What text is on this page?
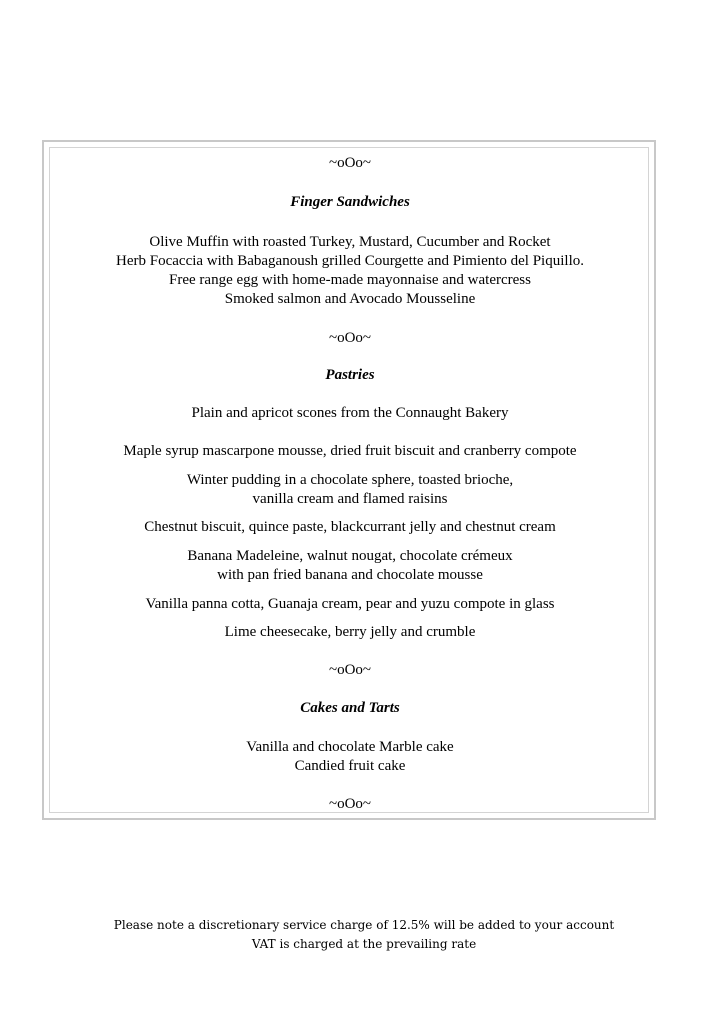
~oOo~
Finger Sandwiches
Olive Muffin with roasted Turkey, Mustard, Cucumber and Rocket
Herb Focaccia with Babaganoush grilled Courgette and Pimiento del Piquillo.
Free range egg with home-made mayonnaise and watercress
Smoked salmon and Avocado Mousseline
~oOo~
Pastries
Plain and apricot scones from the Connaught Bakery
Maple syrup mascarpone mousse, dried fruit biscuit and cranberry compote
Winter pudding in a chocolate sphere, toasted brioche,
vanilla cream and flamed raisins
Chestnut biscuit, quince paste, blackcurrant jelly and chestnut cream
Banana Madeleine, walnut nougat, chocolate crémeux
with pan fried banana and chocolate mousse
Vanilla panna cotta, Guanaja cream, pear and yuzu compote in glass
Lime cheesecake, berry jelly and crumble
~oOo~
Cakes and Tarts
Vanilla and chocolate Marble cake
Candied fruit cake
~oOo~
Please note a discretionary service charge of 12.5% will be added to your account
VAT is charged at the prevailing rate
